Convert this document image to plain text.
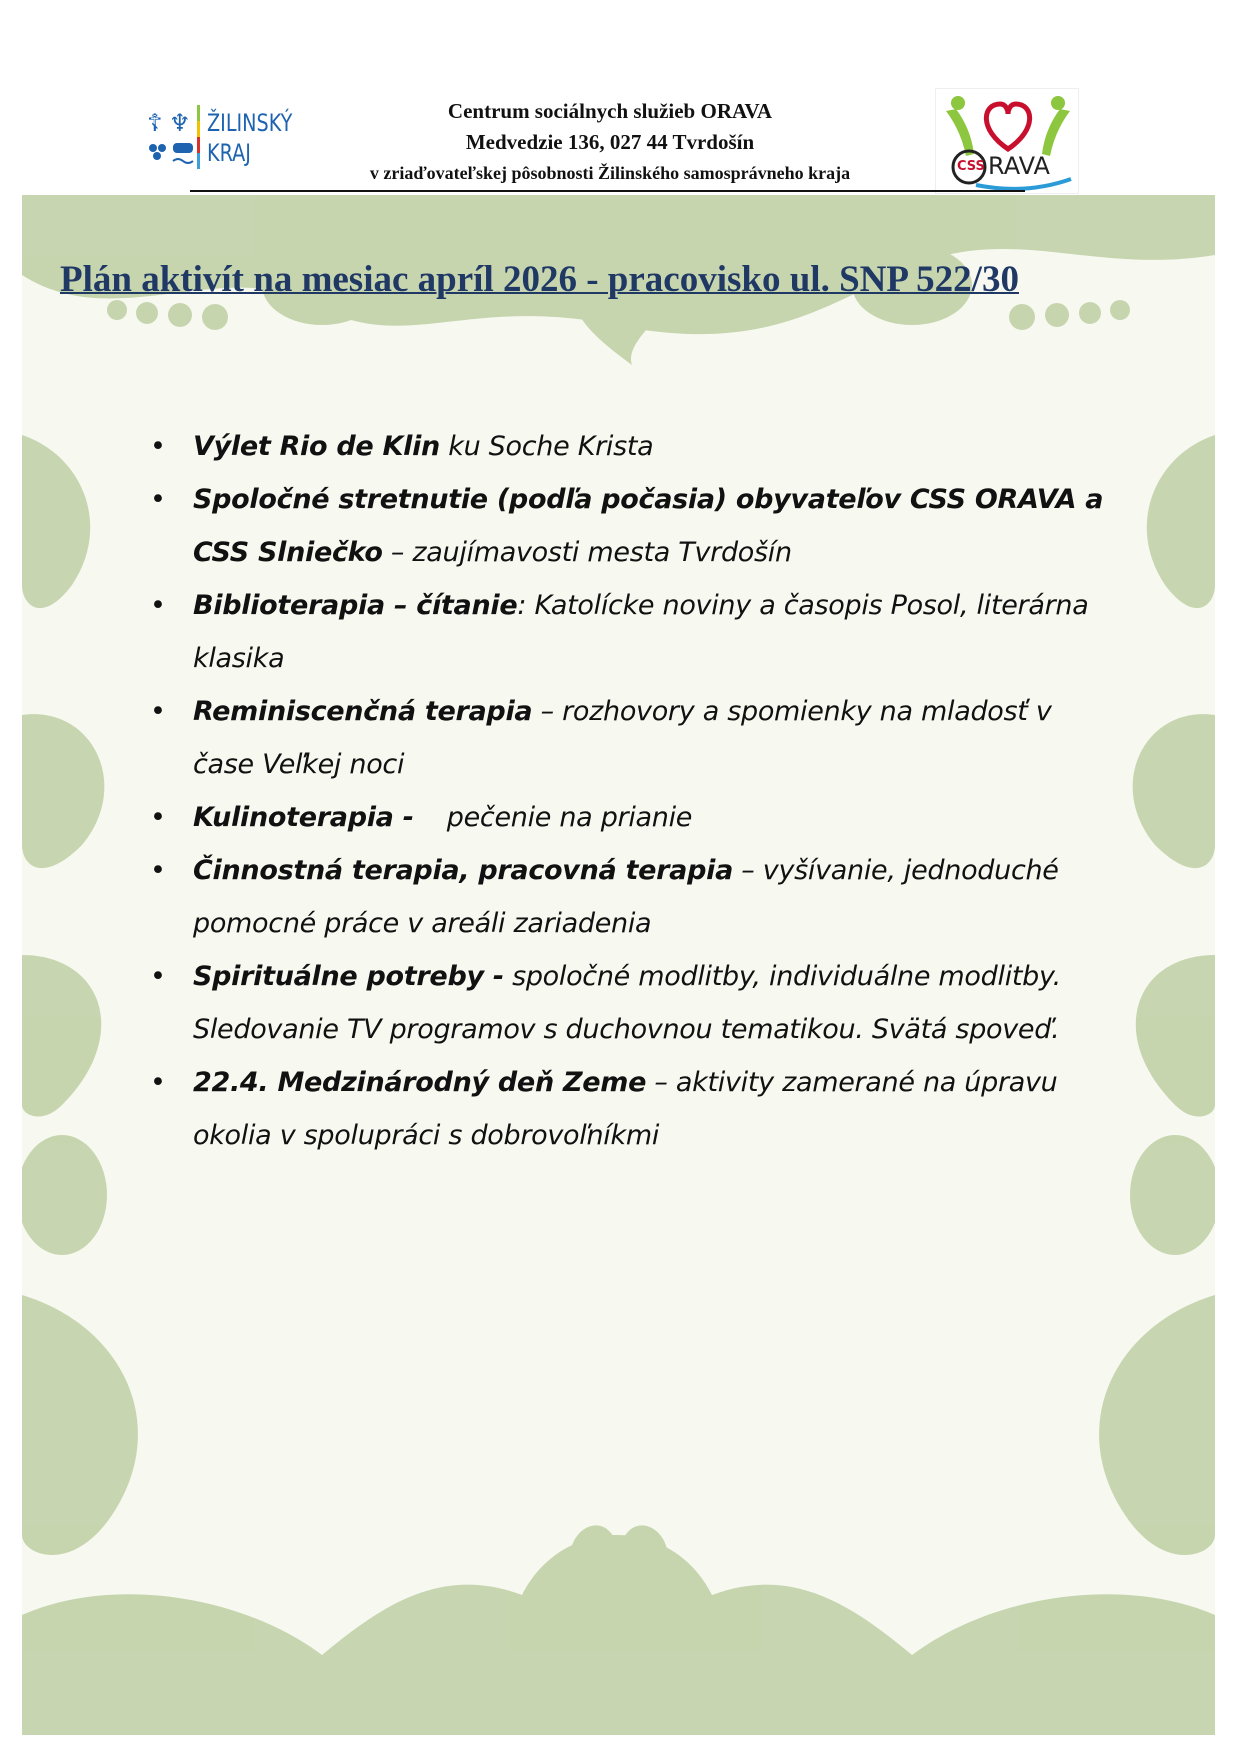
☦ ♆ ŽILINSKÝ
KRAJ
Centrum sociálnych služieb ORAVA
Medvedzie 136, 027 44 Tvrdošín
v zriaďovateľskej pôsobnosti Žilinského samosprávneho kraja	CSS RAVA
Plán aktivít na mesiac apríl 2026 - pracovisko ul. SNP 522/30
• Výlet Rio de Klin ku Soche Krista
• Spoločné stretnutie (podľa počasia) obyvateľov CSS ORAVA a CSS Slniečko – zaujímavosti mesta Tvrdošín
• Biblioterapia – čítanie: Katolícke noviny a časopis Posol, literárna klasika
• Reminiscenčná terapia – rozhovory a spomienky na mladosť v čase Veľkej noci
• Kulinoterapia -    pečenie na prianie
• Činnostná terapia, pracovná terapia – vyšívanie, jednoduché pomocné práce v areáli zariadenia
• Spirituálne potreby - spoločné modlitby, individuálne modlitby. Sledovanie TV programov s duchovnou tematikou. Svätá spoveď.
• 22.4. Medzinárodný deň Zeme – aktivity zamerané na úpravu okolia v spolupráci s dobrovoľníkmi
